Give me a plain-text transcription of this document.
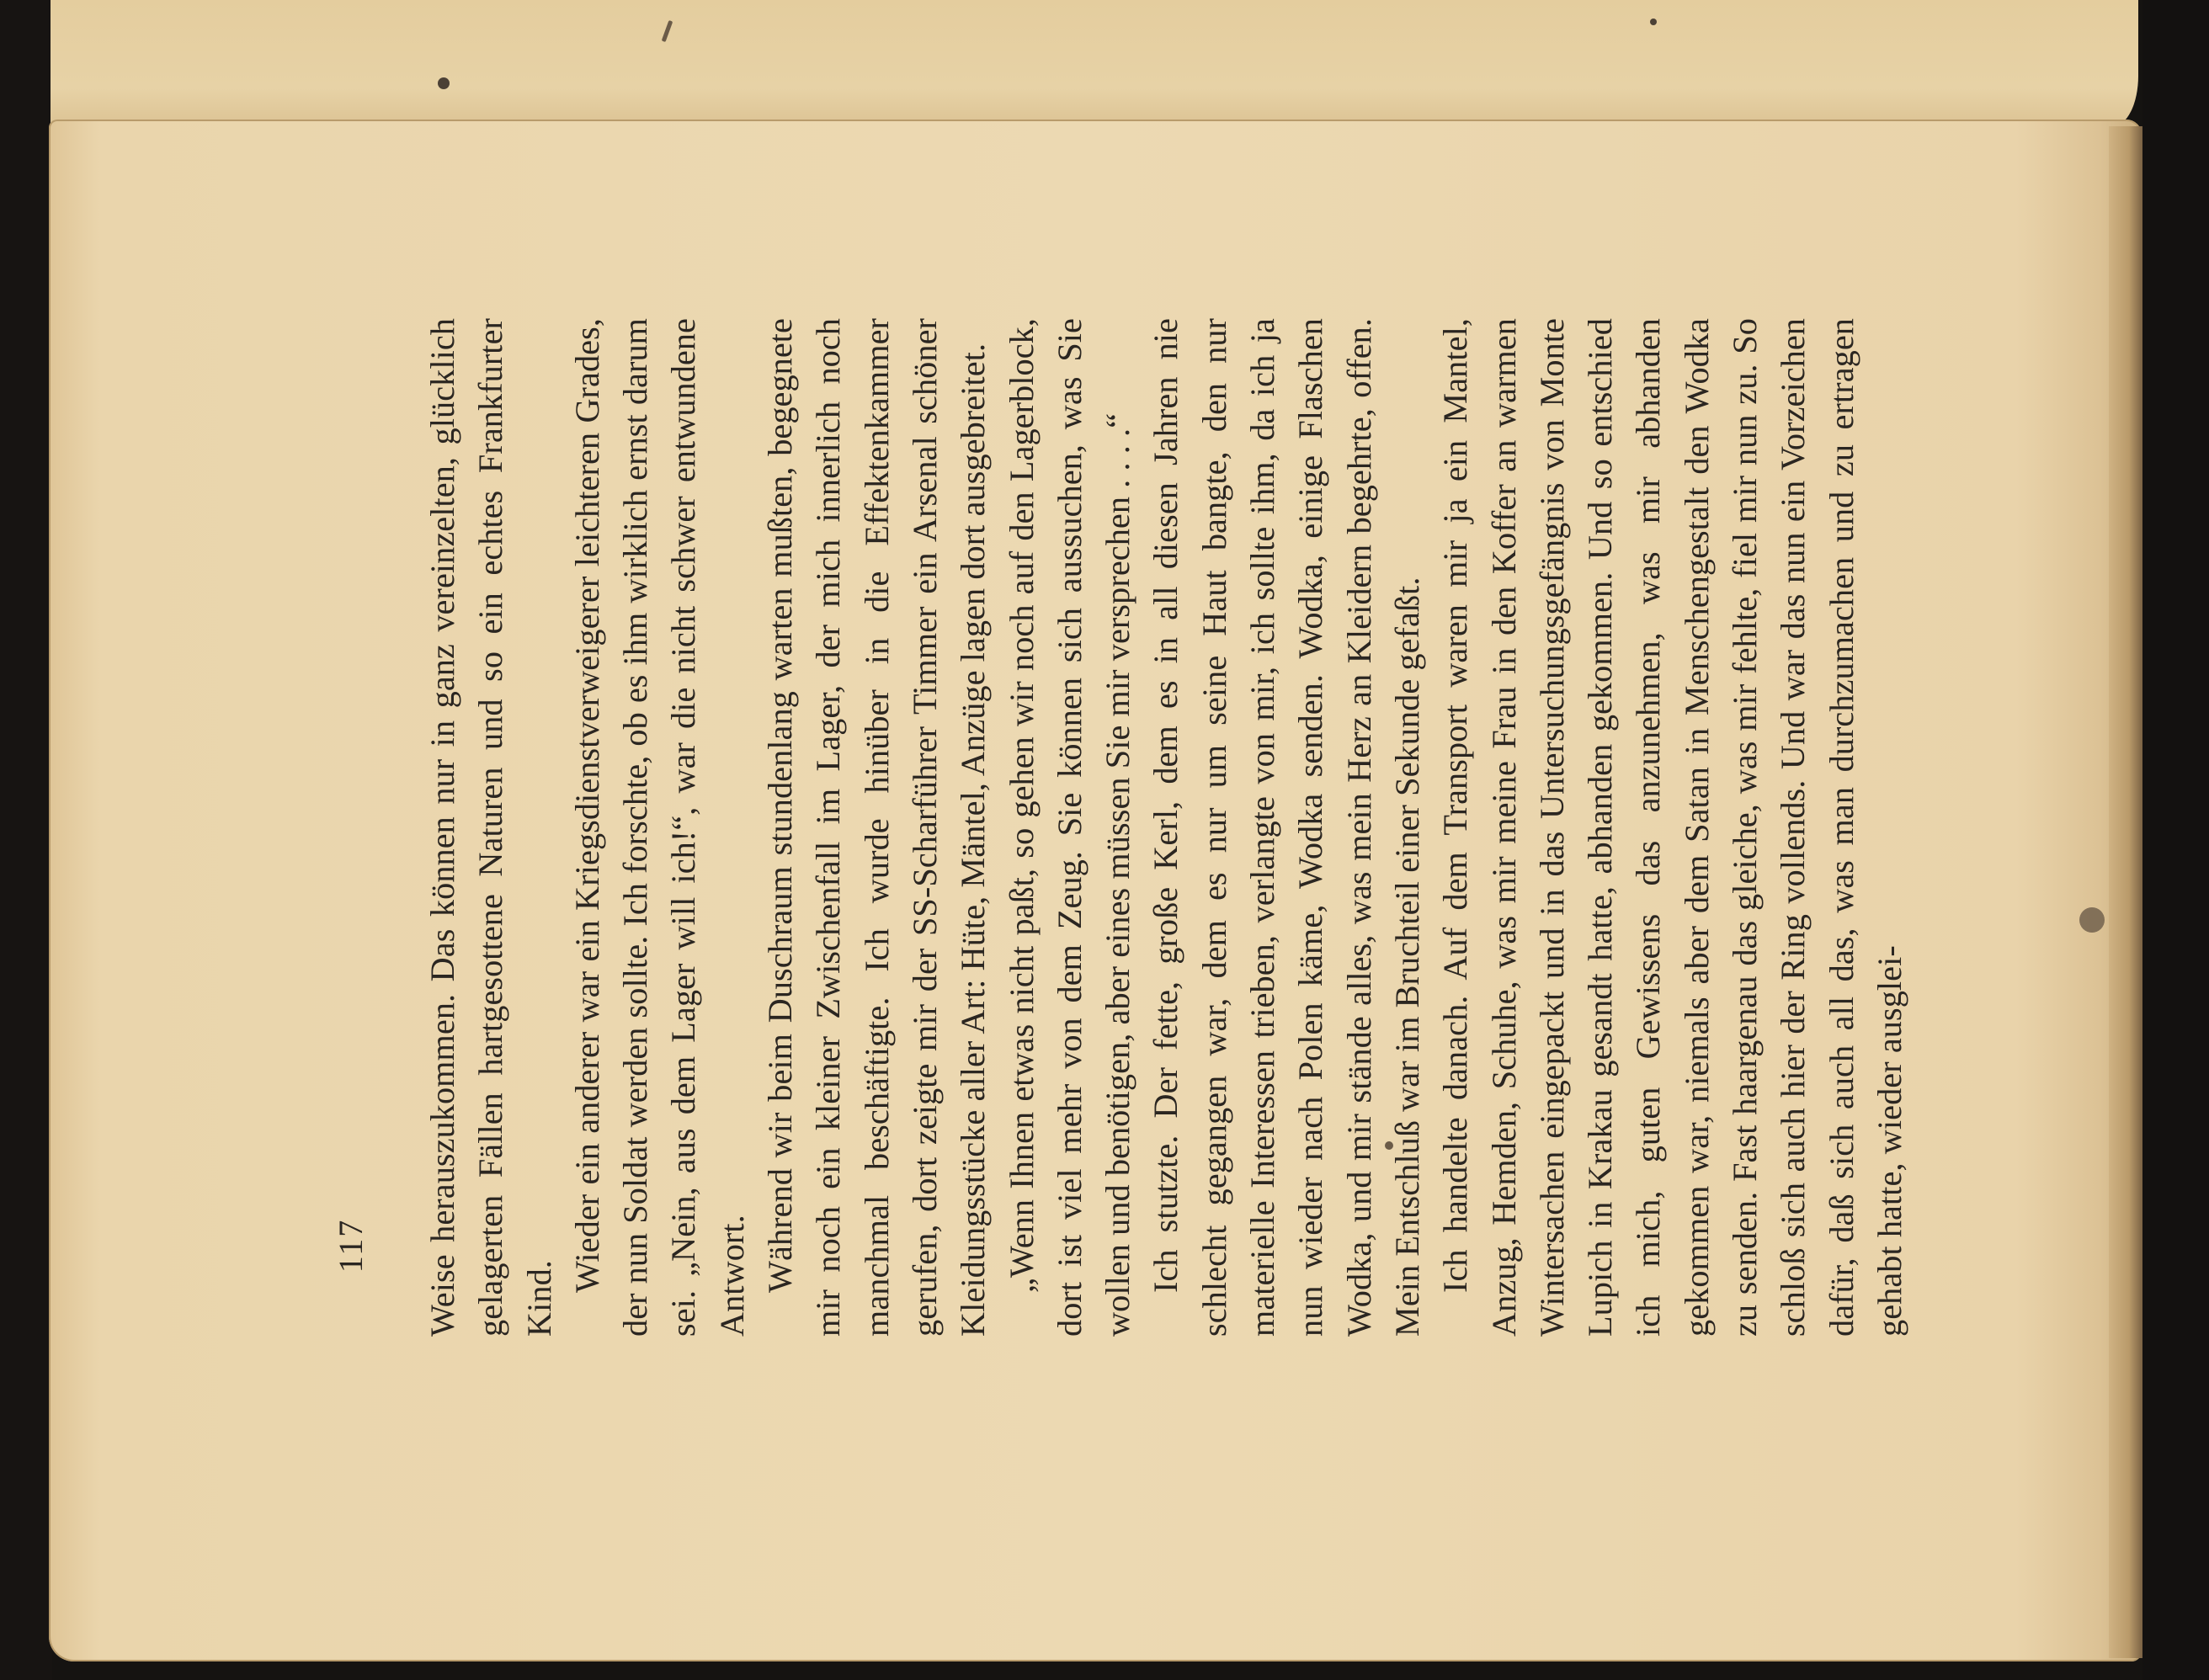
Weise herauszukommen. Das können nur in ganz vereinzelten, glücklich gelagerten Fällen hartgesottene Naturen und so ein echtes Frankfurter Kind.

Wieder ein anderer war ein Kriegsdienstverweigerer leichteren Grades, der nun Soldat werden sollte. Ich forschte, ob es ihm wirklich ernst darum sei. „Nein, aus dem Lager will ich!“, war die nicht schwer entwundene Antwort. Während wir beim Duschraum stundenlang warten mußten, begegnete mir noch ein kleiner Zwischenfall im Lager, der mich innerlich noch manchmal beschäftigte. Ich wurde hinüber in die Effektenkammer gerufen, dort zeigte mir der SS-Scharführer Timmer ein Arsenal schöner Kleidungsstücke aller Art: Hüte, Mäntel, Anzüge lagen dort ausgebreitet. „Wenn Ihnen etwas nicht paßt, so gehen wir noch auf den Lagerblock, dort ist viel mehr von dem Zeug. Sie können sich aussuchen, was Sie wollen und benötigen, aber eines müssen Sie mir versprechen . . . .“ Ich stutzte. Der fette, große Kerl, dem es in all diesen Jahren nie schlecht gegangen war, dem es nur um seine Haut bangte, den nur materielle Interessen trieben, verlangte von mir, ich sollte ihm, da ich ja nun wieder nach Polen käme, Wodka senden. Wodka, einige Flaschen Wodka, und mir stände alles, was mein Herz an Kleidern begehrte, offen. Mein Entschluß war im Bruchteil einer Sekunde gefaßt. Ich handelte danach. Auf dem Transport waren mir ja ein Mantel, Anzug, Hemden, Schuhe, was mir meine Frau in den Koffer an warmen Wintersachen eingepackt und in das Untersuchungsgefängnis von Monte Lupich in Krakau gesandt hatte, abhanden gekommen. Und so entschied ich mich, guten Gewissens das anzunehmen, was mir abhanden gekommen war, niemals aber dem Satan in Menschengestalt den Wodka zu senden. Fast haargenau das gleiche, was mir fehlte, fiel mir nun zu. So schloß sich auch hier der Ring vollends. Und war das nun ein Vorzeichen dafür, daß sich auch all das, was man durchzumachen und zu ertragen gehabt hatte, wieder ausglei-

117
